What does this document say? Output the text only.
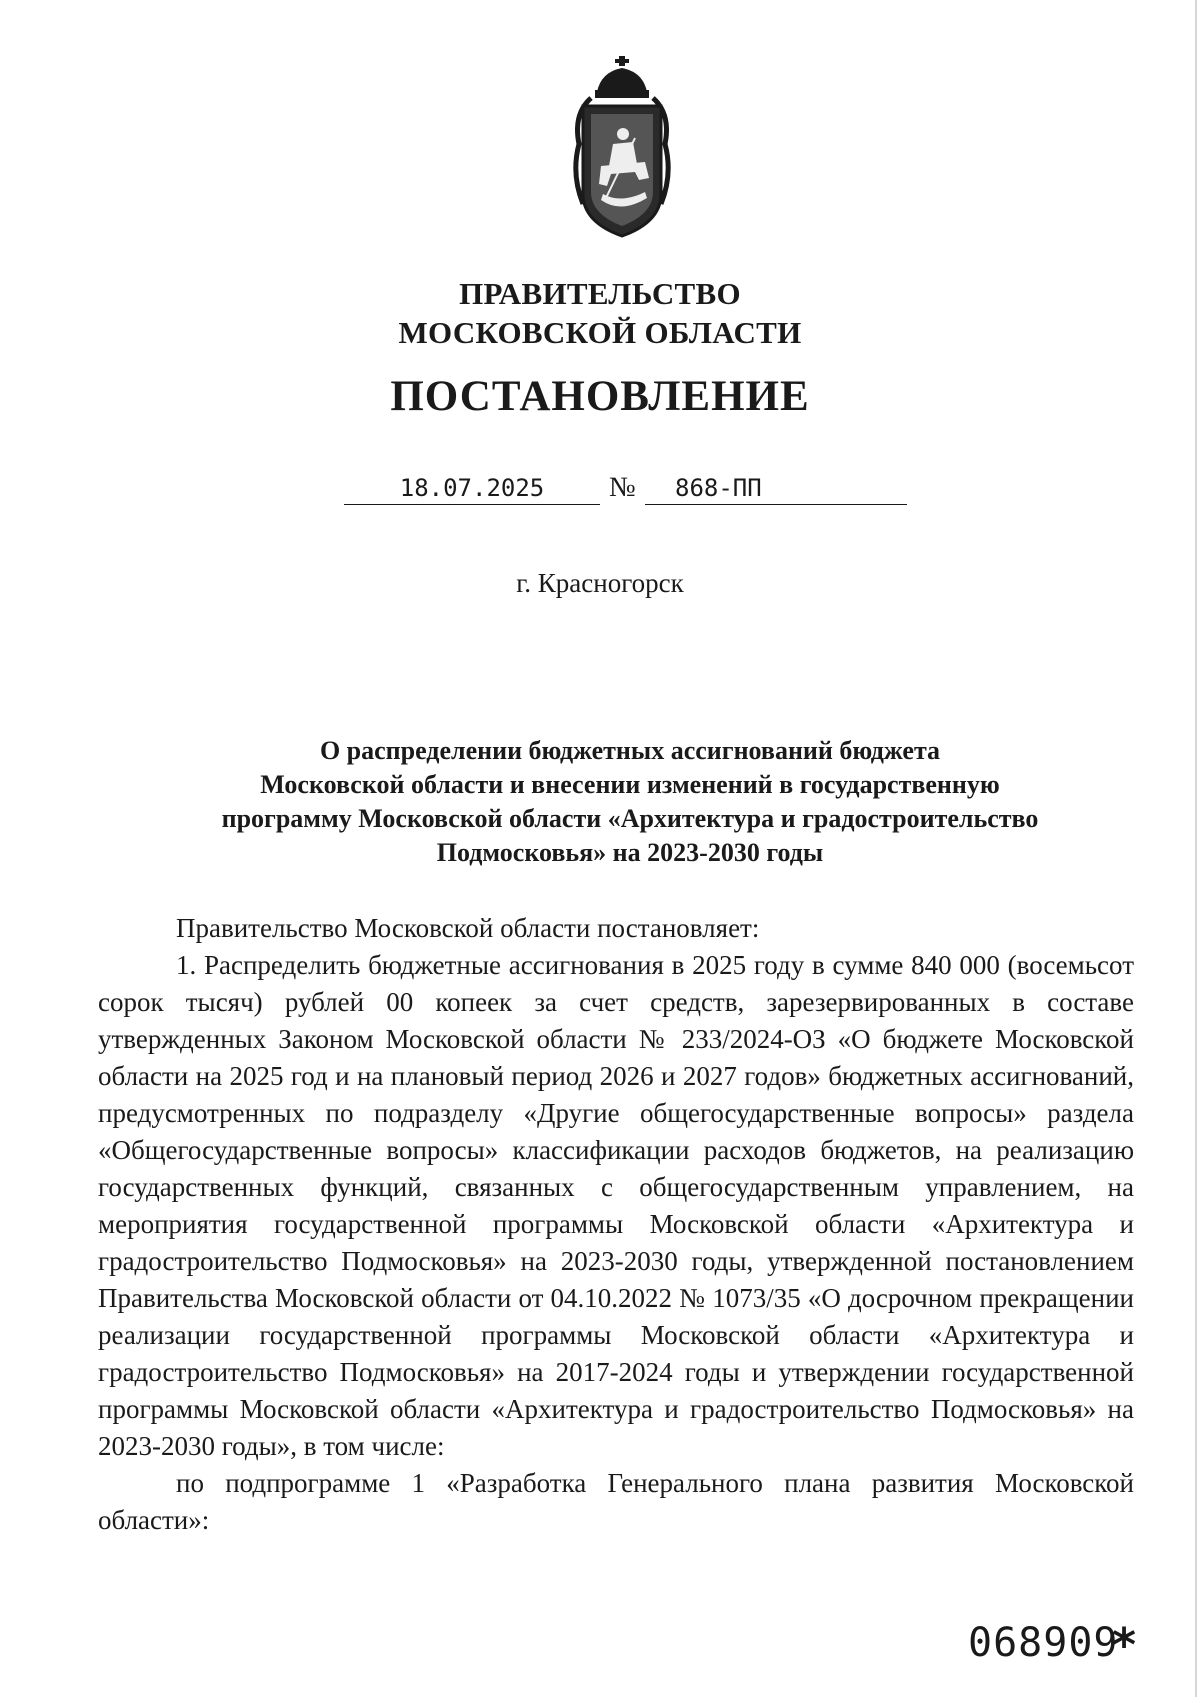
ПРАВИТЕЛЬСТВО
МОСКОВСКОЙ ОБЛАСТИ
ПОСТАНОВЛЕНИЕ
18.07.2025	№	868-ПП
г. Красногорск
О распределении бюджетных ассигнований бюджета
Московской области и внесении изменений в государственную
программу Московской области «Архитектура и градостроительство
Подмосковья» на 2023-2030 годы

Правительство Московской области постановляет:

1. Распределить бюджетные ассигнования в 2025 году в сумме 840 000 (восемьсот сорок тысяч) рублей 00 копеек за счет средств, зарезервированных в составе утвержденных Законом Московской области № 233/2024-ОЗ «О бюджете Московской области на 2025 год и на плановый период 2026 и 2027 годов» бюджетных ассигнований, предусмотренных по подразделу «Другие общегосударственные вопросы» раздела «Общегосударственные вопросы» классификации расходов бюджетов, на реализацию государственных функций, связанных с общегосударственным управлением, на мероприятия государственной программы Московской области «Архитектура и градостроительство Подмосковья» на 2023-2030 годы, утвержденной постановлением Правительства Московской области от 04.10.2022 № 1073/35 «О досрочном прекращении реализации государственной программы Московской области «Архитектура и градостроительство Подмосковья» на 2017-2024 годы и утверждении государственной программы Московской области «Архитектура и градостроительство Подмосковья» на 2023-2030 годы», в том числе:

по подпрограмме 1 «Разработка Генерального плана развития Московской области»:

068909
*
